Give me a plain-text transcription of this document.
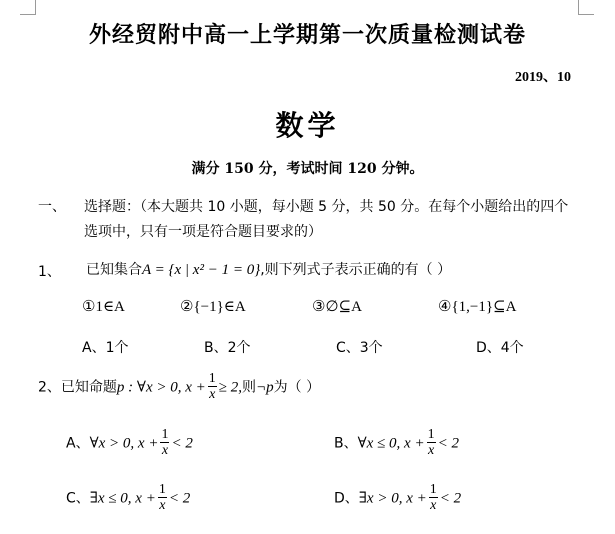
外经贸附中高一上学期第一次质量检测试卷
2019、10
数学
满分 150 分，考试时间 120 分钟。
一、 选择题：（本大题共 10 小题，每小题 5 分，共 50 分。在每个小题给出的四个
选项中，只有一项是符合题目要求的）
1、 已知集合A = {x | x² − 1 = 0},则下列式子表示正确的有（ ）
①1∈A	②{−1}∈A	③∅⊆A	④{1,−1}⊆A
A、1个	B、2个	C、3个	D、4个
2、已知命题p : ∀x > 0, $x + \frac{1}{x} \ge 2$,则¬p为（ ）
A、∀x > 0, $x + \frac{1}{x} < 2$	B、∀x ≤ 0, $x + \frac{1}{x} < 2$
C、∃x ≤ 0, $x + \frac{1}{x} < 2$	D、∃x > 0, $x + \frac{1}{x} < 2$
